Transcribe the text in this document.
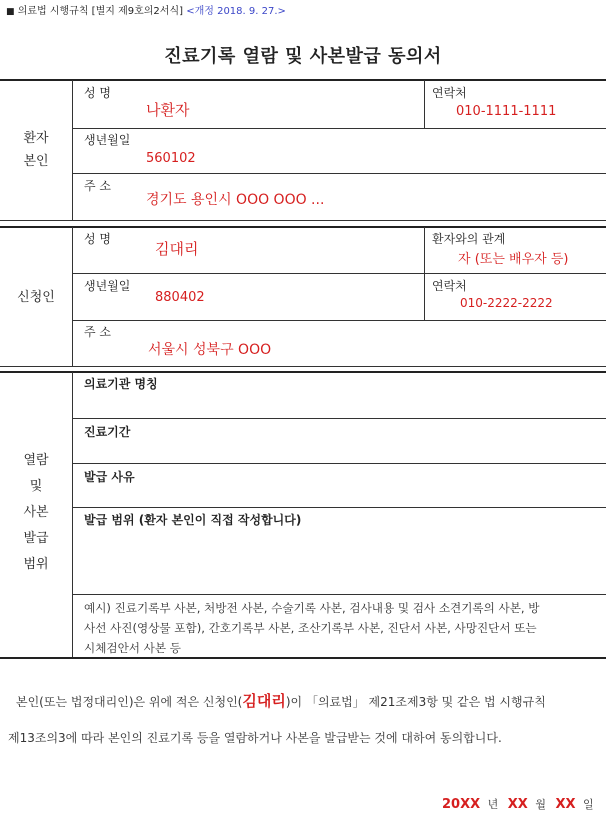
■ 의료법 시행규칙 [별지 제9호의2서식] <개정 2018. 9. 27.>
진료기록 열람 및 사본발급 동의서
환자
본인
성 명
나환자
연락처
010-1111-1111
생년월일
560102
주 소
경기도 용인시 OOO OOO ...
신청인
성 명
김대리
환자와의 관계
자 (또는 배우자 등)
생년월일
880402
연락처
010-2222-2222
주 소
서울시 성북구 OOO
열람
및
사본
발급
범위
의료기관 명칭
진료기간
발급 사유
발급 범위 (환자 본인이 직접 작성합니다)
예시) 진료기록부 사본, 처방전 사본, 수술기록 사본, 검사내용 및 검사 소견기록의 사본, 방
사선 사진(영상물 포함), 간호기록부 사본, 조산기록부 사본, 진단서 사본, 사망진단서 또는
시체검안서 사본 등
본인(또는 법정대리인)은 위에 적은 신청인(김대리)이 「의료법」 제21조제3항 및 같은 법 시행규칙
제13조의3에 따라 본인의 진료기록 등을 열람하거나 사본을 발급받는 것에 대하여 동의합니다.
20XX 년 XX 월 XX 일
